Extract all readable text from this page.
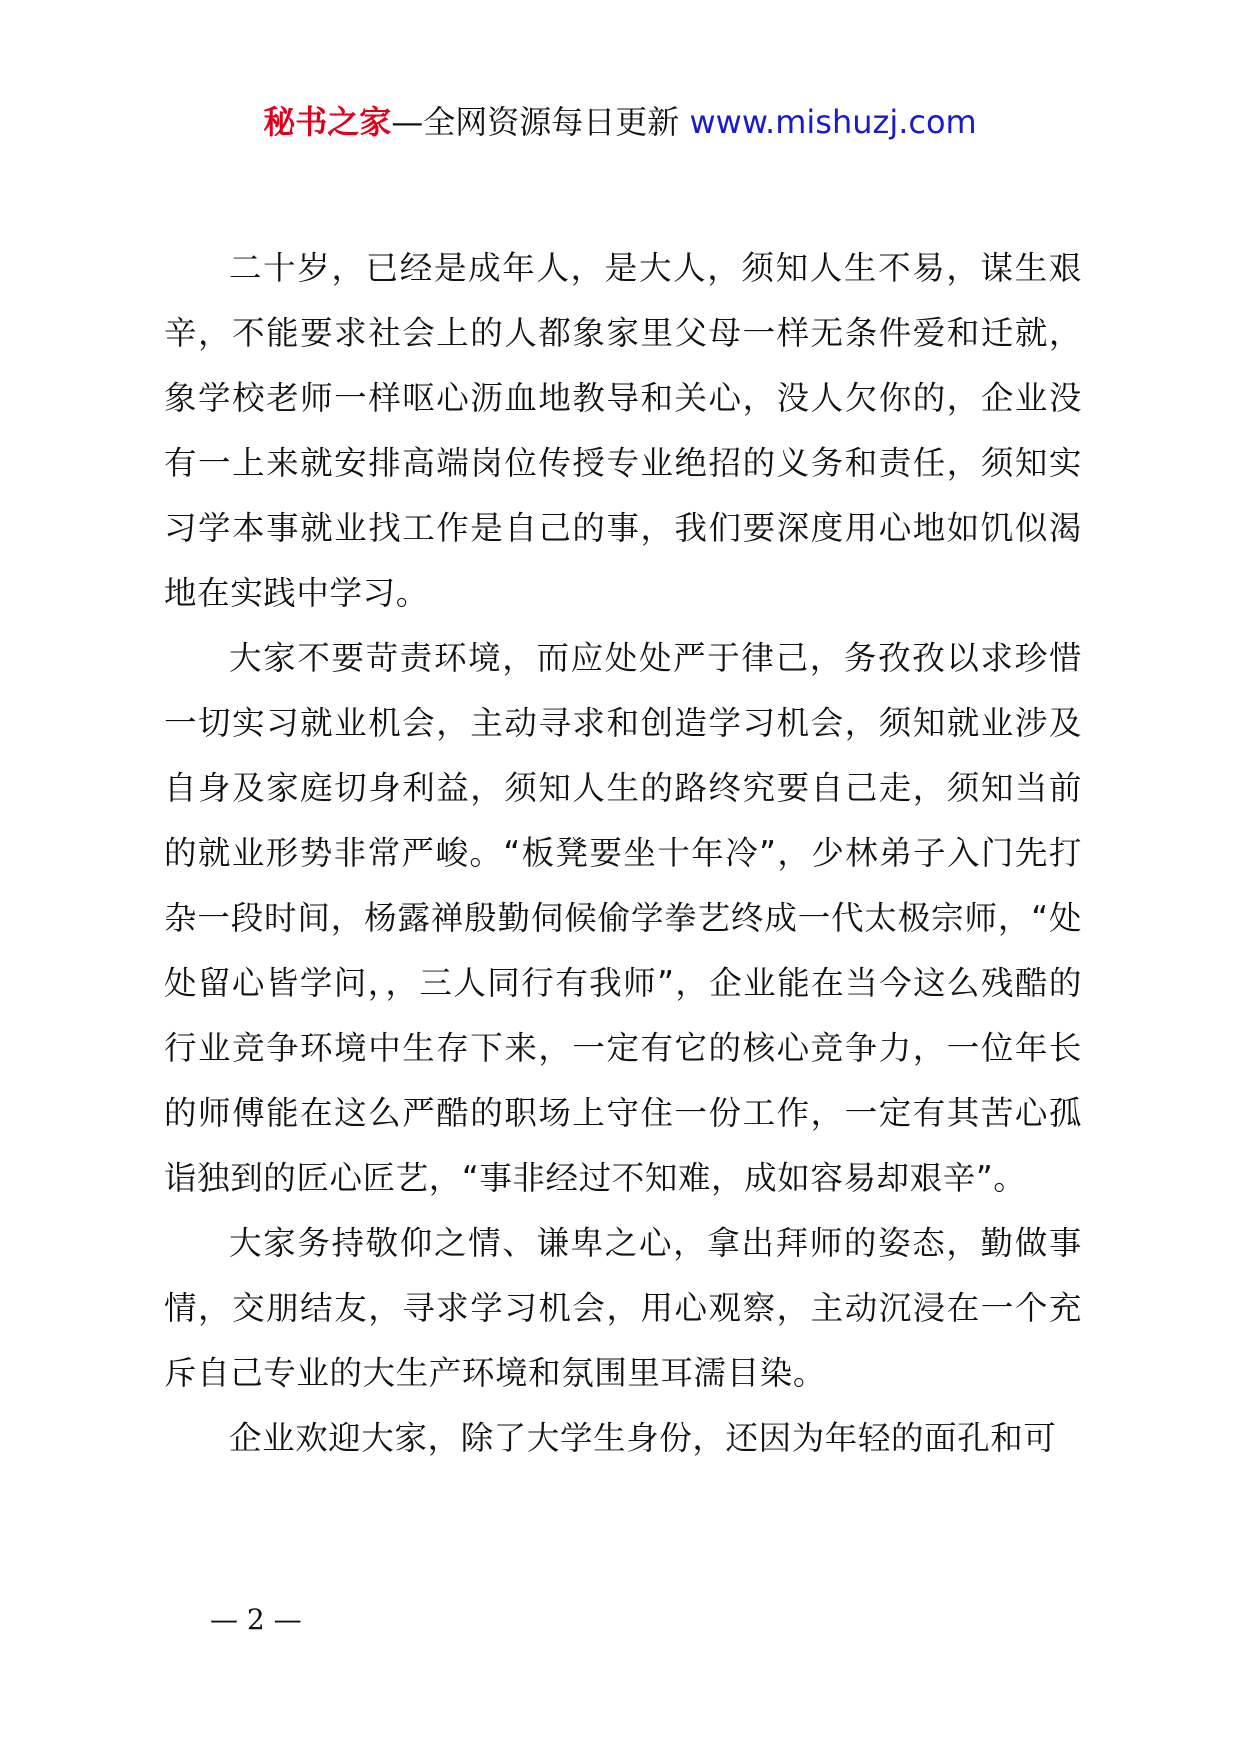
秘书之家—全网资源每日更新 www.mishuzj.com

二十岁，已经是成年人，是大人，须知人生不易，谋生艰辛，不能要求社会上的人都象家里父母一样无条件爱和迁就，象学校老师一样呕心沥血地教导和关心，没人欠你的，企业没有一上来就安排高端岗位传授专业绝招的义务和责任，须知实习学本事就业找工作是自己的事，我们要深度用心地如饥似渴地在实践中学习。

大家不要苛责环境，而应处处严于律己，务孜孜以求珍惜一切实习就业机会，主动寻求和创造学习机会，须知就业涉及自身及家庭切身利益，须知人生的路终究要自己走，须知当前的就业形势非常严峻。“板凳要坐十年冷”，少林弟子入门先打杂一段时间，杨露禅殷勤伺候偷学拳艺终成一代太极宗师，“处处留心皆学问，，三人同行有我师”，企业能在当今这么残酷的行业竞争环境中生存下来，一定有它的核心竞争力，一位年长的师傅能在这么严酷的职场上守住一份工作，一定有其苦心孤诣独到的匠心匠艺，“事非经过不知难，成如容易却艰辛”。

大家务持敬仰之情、谦卑之心，拿出拜师的姿态，勤做事情，交朋结友，寻求学习机会，用心观察，主动沉浸在一个充斥自己专业的大生产环境和氛围里耳濡目染。

企业欢迎大家，除了大学生身份，还因为年轻的面孔和可

— 2 —
